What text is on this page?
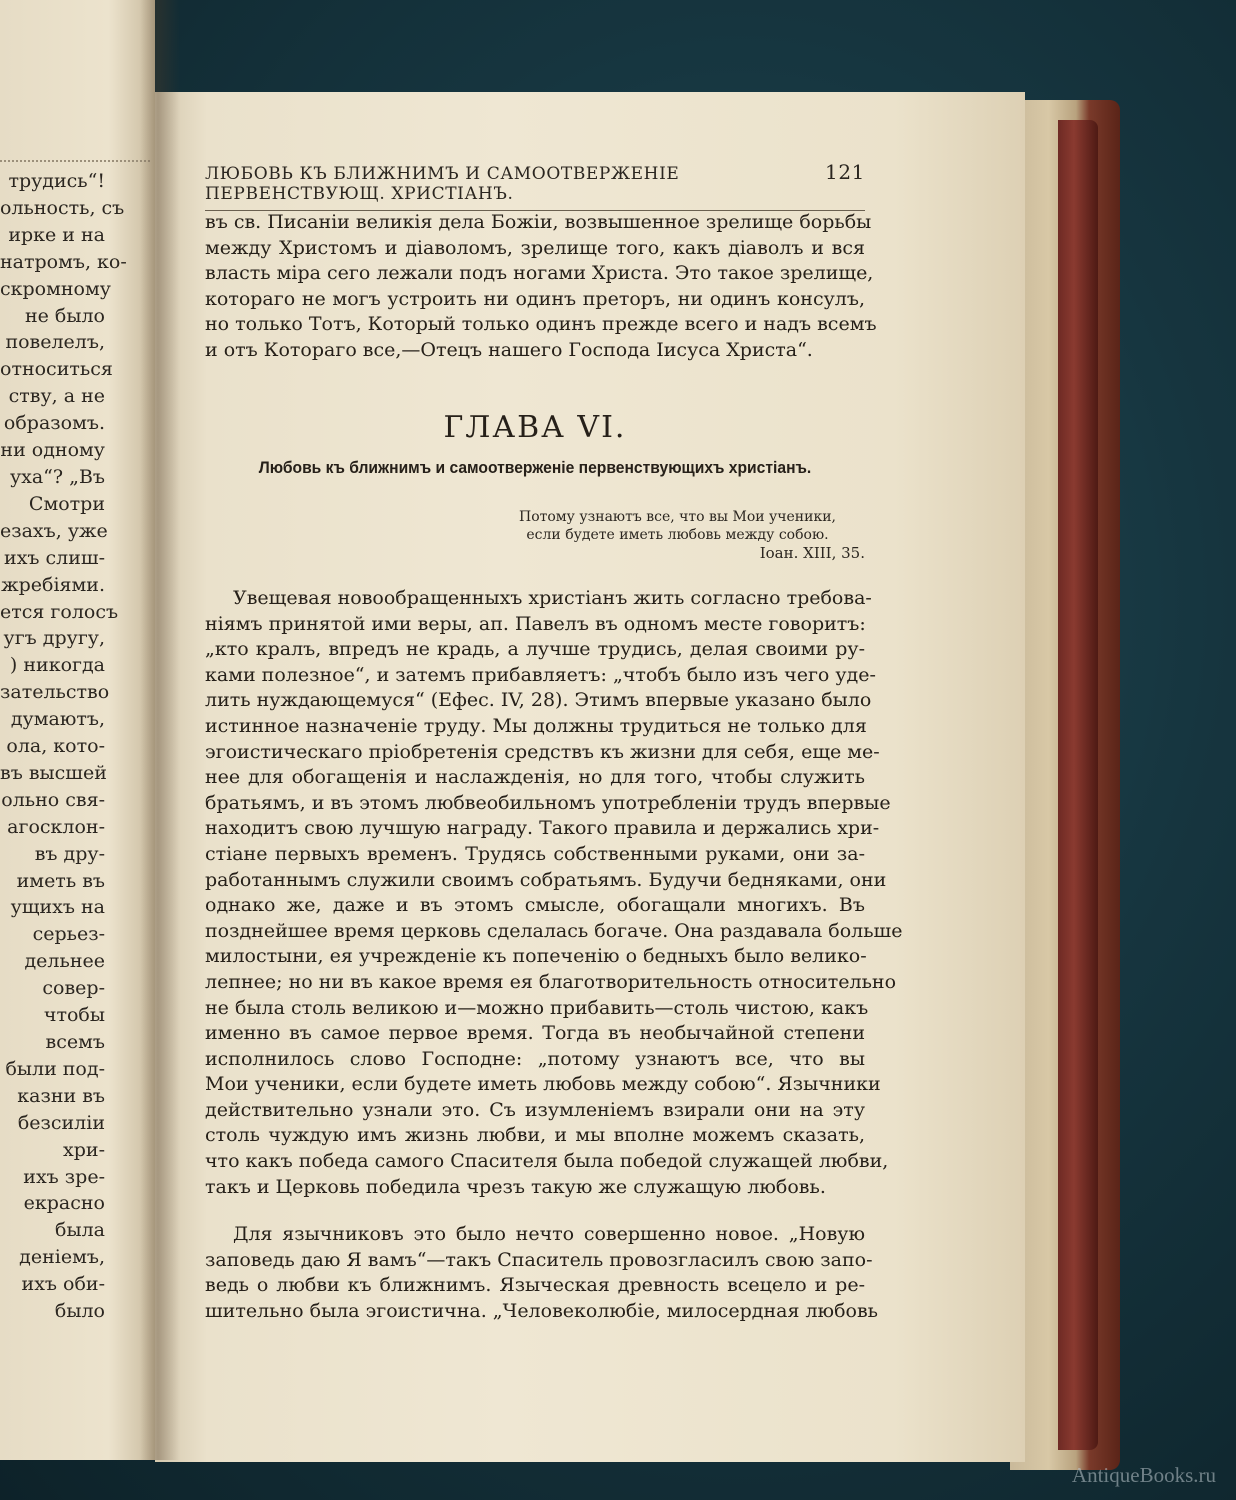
трудись“!
ольность, съ
ирке и на
натромъ, ко-
скромному
не было
повелелъ,
относиться
ству, а не
образомъ.
ни одному
уха“? „Въ
Смотри
езахъ, уже
ихъ слиш-
жребіями.
ется голосъ
угъ другу,
) никогда
зательство
думаютъ,
ола, кото-
въ высшей
ольно свя-
агосклон-
въ дру-
иметь въ
ущихъ на
серьез-
дельнее
совер-
чтобы
всемъ
были под-
казни въ
безсиліи
хри-
ихъ зре-
екрасно
была
деніемъ,
ихъ оби-
было
ЛЮБОВЬ КЪ БЛИЖНИМЪ И САМООТВЕРЖЕНІЕ ПЕРВЕНСТВУЮЩ. ХРИСТІАНЪ.
121
въ св. Писаніи великія дела Божіи, возвышенное зрелище борьбы
между Христомъ и діаволомъ, зрелище того, какъ діаволъ и вся
власть міра сего лежали подъ ногами Христа. Это такое зрелище,
котораго не могъ устроить ни одинъ преторъ, ни одинъ консулъ,
но только Тотъ, Который только одинъ прежде всего и надъ всемъ
и отъ Котораго все,—Отецъ нашего Господа Іисуса Христа“.
ГЛАВА VI.
Любовь къ ближнимъ и самоотверженіе первенствующихъ христіанъ.
Потому узнаютъ все, что вы Мои ученики,
если будете иметь любовь между собою.
Іоан. XIII, 35.
Увещевая новообращенныхъ христіанъ жить согласно требова-
ніямъ принятой ими веры, ап. Павелъ въ одномъ месте говоритъ:
„кто кралъ, впредъ не крадь, а лучше трудись, делая своими ру-
ками полезное“, и затемъ прибавляетъ: „чтобъ было изъ чего уде-
лить нуждающемуся“ (Ефес. IV, 28). Этимъ впервые указано было
истинное назначеніе труду. Мы должны трудиться не только для
эгоистическаго пріобретенія средствъ къ жизни для себя, еще ме-
нее для обогащенія и наслажденія, но для того, чтобы служить
братьямъ, и въ этомъ любвеобильномъ употребленіи трудъ впервые
находитъ свою лучшую награду. Такого правила и держались хри-
стіане первыхъ временъ. Трудясь собственными руками, они за-
работаннымъ служили своимъ собратьямъ. Будучи бедняками, они
однако же, даже и въ этомъ смысле, обогащали многихъ. Въ
позднейшее время церковь сделалась богаче. Она раздавала больше
милостыни, ея учрежденіе къ попеченію о бедныхъ было велико-
лепнее; но ни въ какое время ея благотворительность относительно
не была столь великою и—можно прибавить—столь чистою, какъ
именно въ самое первое время. Тогда въ необычайной степени
исполнилось слово Господне: „потому узнаютъ все, что вы
Мои ученики, если будете иметь любовь между собою“. Язычники
действительно узнали это. Съ изумленіемъ взирали они на эту
столь чуждую имъ жизнь любви, и мы вполне можемъ сказать,
что какъ победа самого Спасителя была победой служащей любви,
такъ и Церковь победила чрезъ такую же служащую любовь.
Для язычниковъ это было нечто совершенно новое. „Новую
заповедь даю Я вамъ“—такъ Спаситель провозгласилъ свою запо-
ведь о любви къ ближнимъ. Языческая древность всецело и ре-
шительно была эгоистична. „Человеколюбіе, милосердная любовь
AntiqueBooks.ru
